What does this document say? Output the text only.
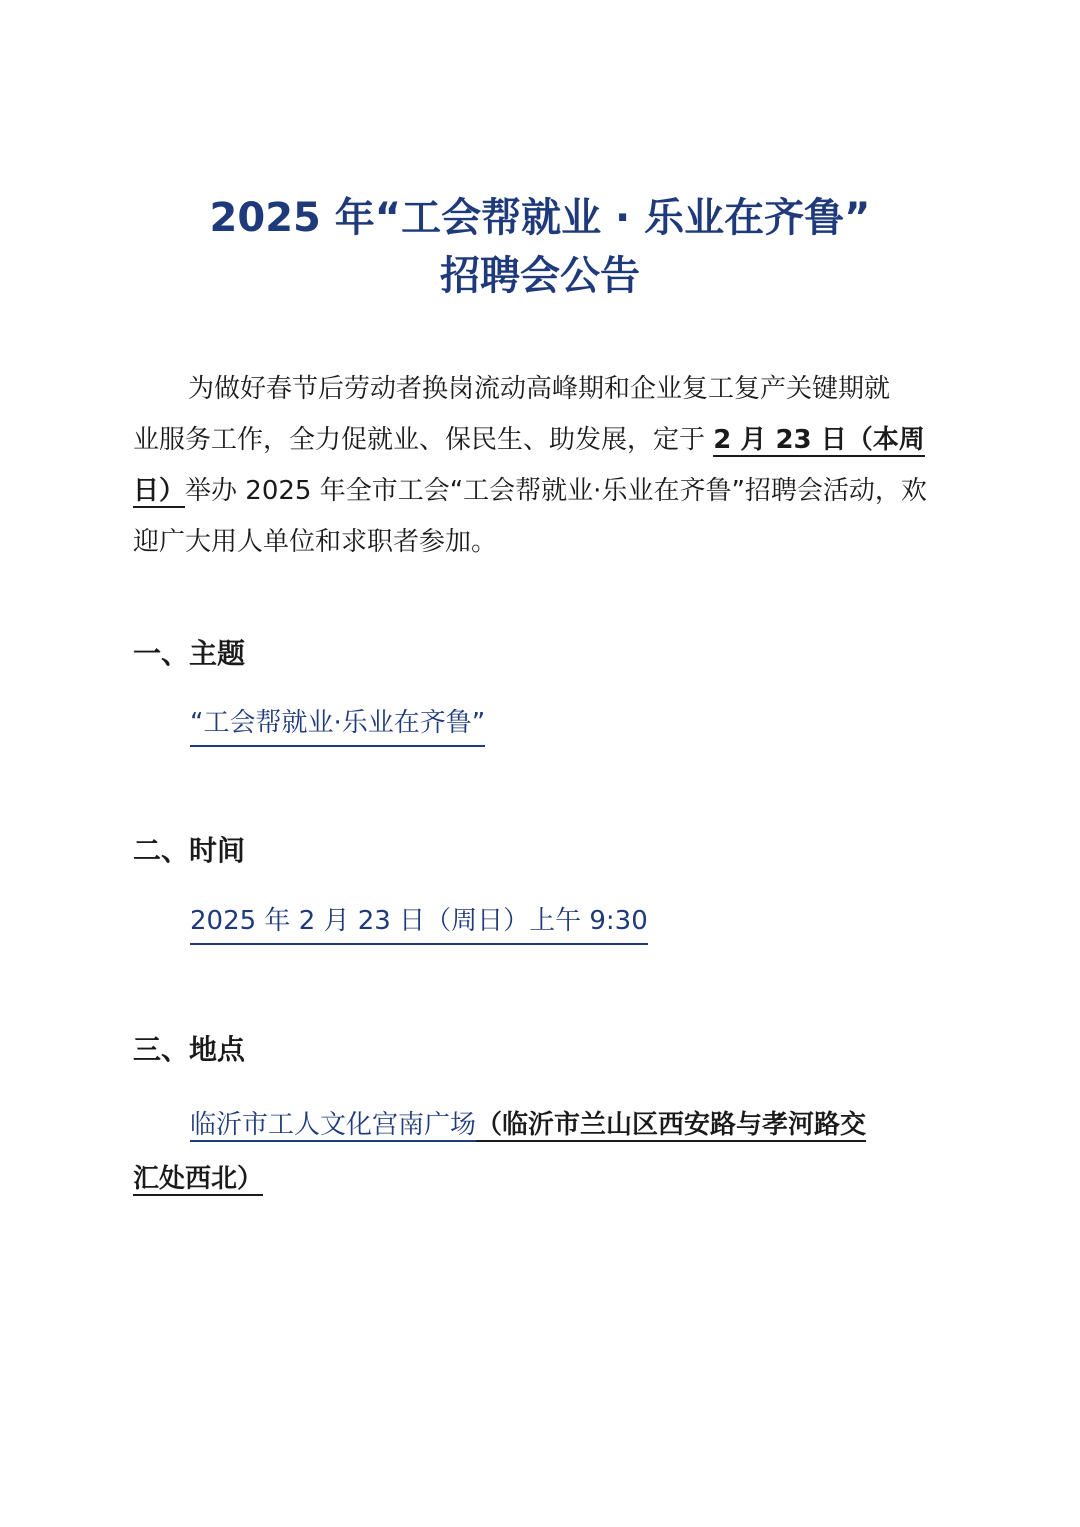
2025 年“工会帮就业 · 乐业在齐鲁”
招聘会公告
为做好春节后劳动者换岗流动高峰期和企业复工复产关键期就
业服务工作，全力促就业、保民生、助发展，定于 2 月 23 日（本周
日）举办 2025 年全市工会“工会帮就业·乐业在齐鲁”招聘会活动，欢
迎广大用人单位和求职者参加。
一、主题
“工会帮就业·乐业在齐鲁”
二、时间
2025 年 2 月 23 日（周日）上午 9:30
三、地点
临沂市工人文化宫南广场（临沂市兰山区西安路与孝河路交
汇处西北）
